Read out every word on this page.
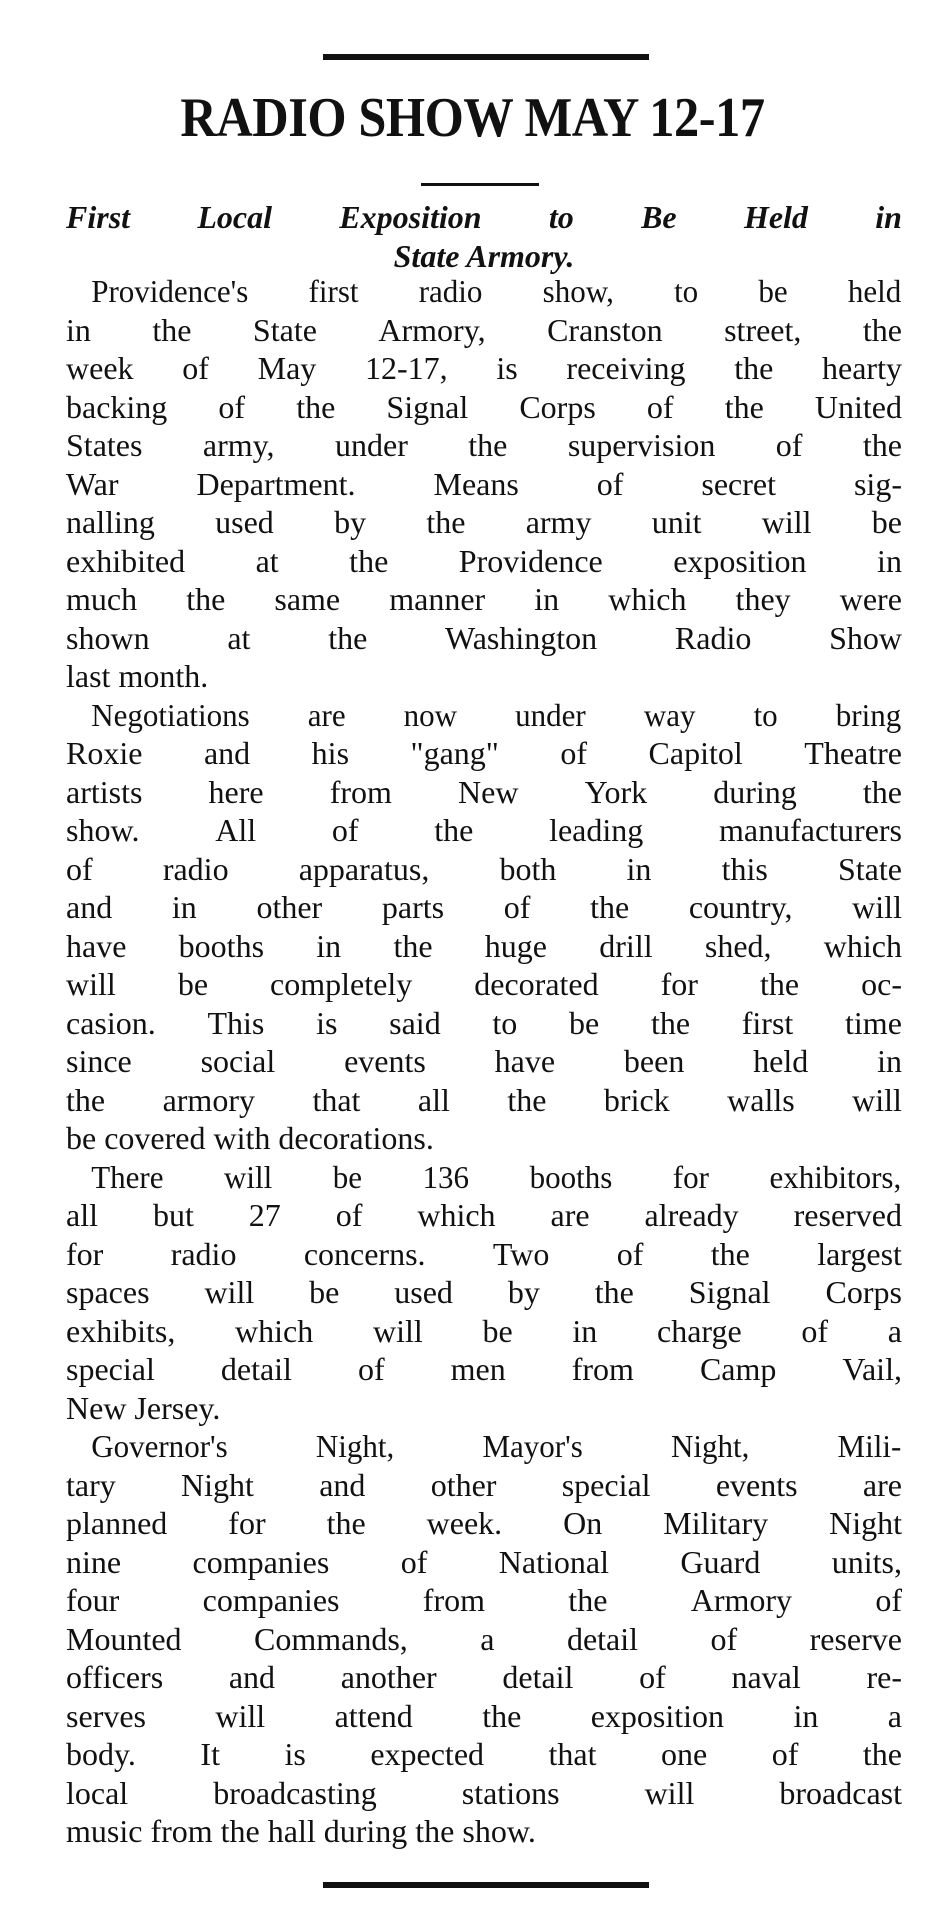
RADIO SHOW MAY 12-17
First Local Exposition to Be Held in
State Armory.
Providence's first radio show, to be held
in the State Armory, Cranston street, the
week of May 12-17, is receiving the hearty
backing of the Signal Corps of the United
States army, under the supervision of the
War Department. Means of secret sig-
nalling used by the army unit will be
exhibited at the Providence exposition in
much the same manner in which they were
shown at the Washington Radio Show
last month.
Negotiations are now under way to bring
Roxie and his "gang" of Capitol Theatre
artists here from New York during the
show. All of the leading manufacturers
of radio apparatus, both in this State
and in other parts of the country, will
have booths in the huge drill shed, which
will be completely decorated for the oc-
casion. This is said to be the first time
since social events have been held in
the armory that all the brick walls will
be covered with decorations.
There will be 136 booths for exhibitors,
all but 27 of which are already reserved
for radio concerns. Two of the largest
spaces will be used by the Signal Corps
exhibits, which will be in charge of a
special detail of men from Camp Vail,
New Jersey.
Governor's	Night,	Mayor's	Night,	Mili-
tary Night and other special events are
planned for the week. On Military Night
nine companies of National Guard units,
four	companies	from	the	Armory	of
Mounted Commands, a detail of reserve
officers and another detail of naval re-
serves will attend the exposition in a
body. It is expected that one of the
local	broadcasting	stations	will	broadcast
music from the hall during the show.
